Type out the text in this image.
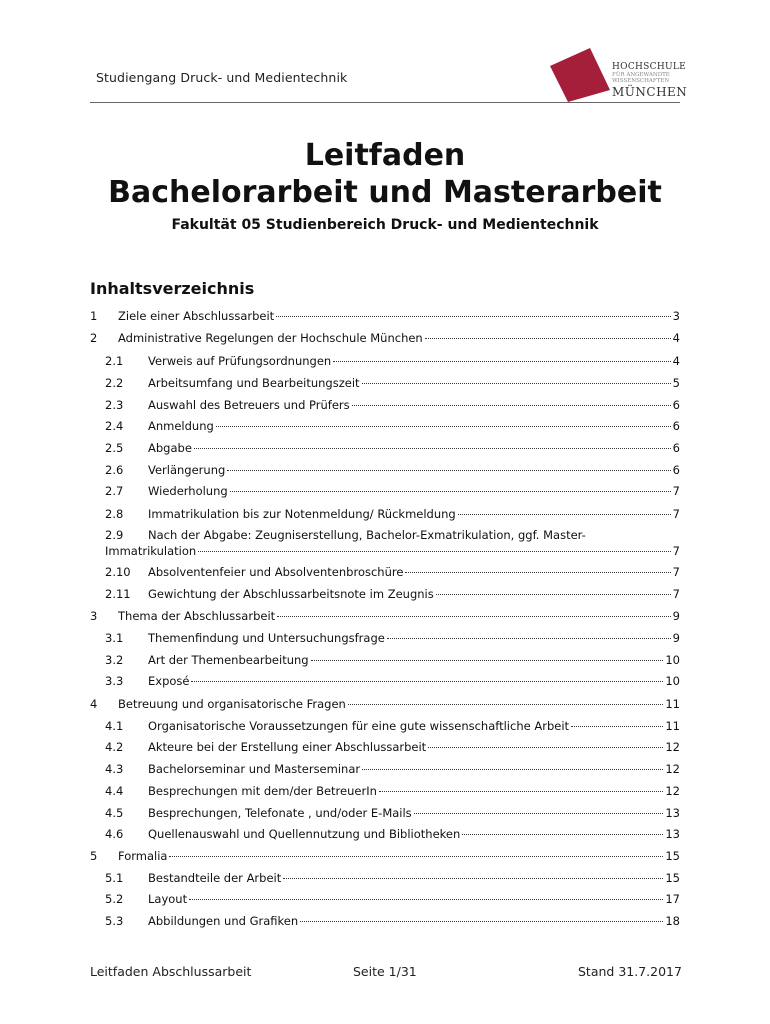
Studiengang Druck- und Medientechnik
HOCHSCHULE
FÜR ANGEWANDTE
WISSENSCHAFTEN
MÜNCHEN
Leitfaden
Bachelorarbeit und Masterarbeit
Fakultät 05 Studienbereich Druck- und Medientechnik
Inhaltsverzeichnis
1 Ziele einer Abschlussarbeit	3
2 Administrative Regelungen der Hochschule München	4
2.1 Verweis auf Prüfungsordnungen	4
2.2 Arbeitsumfang und Bearbeitungszeit	5
2.3 Auswahl des Betreuers und Prüfers	6
2.4 Anmeldung	6
2.5 Abgabe	6
2.6 Verlängerung	6
2.7 Wiederholung	7
2.8 Immatrikulation bis zur Notenmeldung/ Rückmeldung	7
2.9 Nach der Abgabe: Zeugniserstellung, Bachelor-Exmatrikulation, ggf. Master-
Immatrikulation	7
2.10 Absolventenfeier und Absolventenbroschüre	7
2.11 Gewichtung der Abschlussarbeitsnote im Zeugnis	7
3 Thema der Abschlussarbeit	9
3.1 Themenfindung und Untersuchungsfrage	9
3.2 Art der Themenbearbeitung	10
3.3 Exposé	10
4 Betreuung und organisatorische Fragen	11
4.1 Organisatorische Voraussetzungen für eine gute wissenschaftliche Arbeit	11
4.2 Akteure bei der Erstellung einer Abschlussarbeit	12
4.3 Bachelorseminar und Masterseminar	12
4.4 Besprechungen mit dem/der BetreuerIn	12
4.5 Besprechungen, Telefonate , und/oder E-Mails	13
4.6 Quellenauswahl und Quellennutzung und Bibliotheken	13
5 Formalia	15
5.1 Bestandteile der Arbeit	15
5.2 Layout	17
5.3 Abbildungen und Grafiken	18
Leitfaden Abschlussarbeit	Seite 1/31	Stand 31.7.2017
